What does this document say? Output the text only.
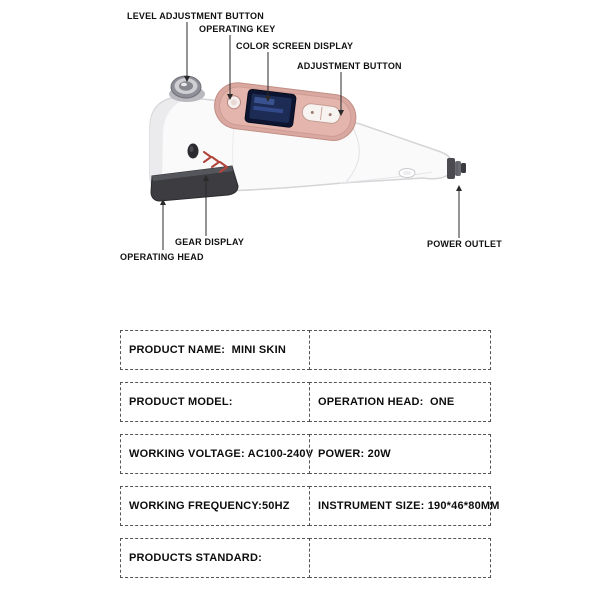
LEVEL ADJUSTMENT BUTTON
OPERATING KEY
COLOR SCREEN DISPLAY
ADJUSTMENT BUTTON
GEAR DISPLAY
OPERATING HEAD
POWER OUTLET
PRODUCT NAME:  MINI SKIN
PRODUCT MODEL:	OPERATION HEAD:  ONE
WORKING VOLTAGE: AC100-240V POWER: 20W
WORKING FREQUENCY:50HZ	INSTRUMENT SIZE: 190*46*80MM
PRODUCTS STANDARD:
